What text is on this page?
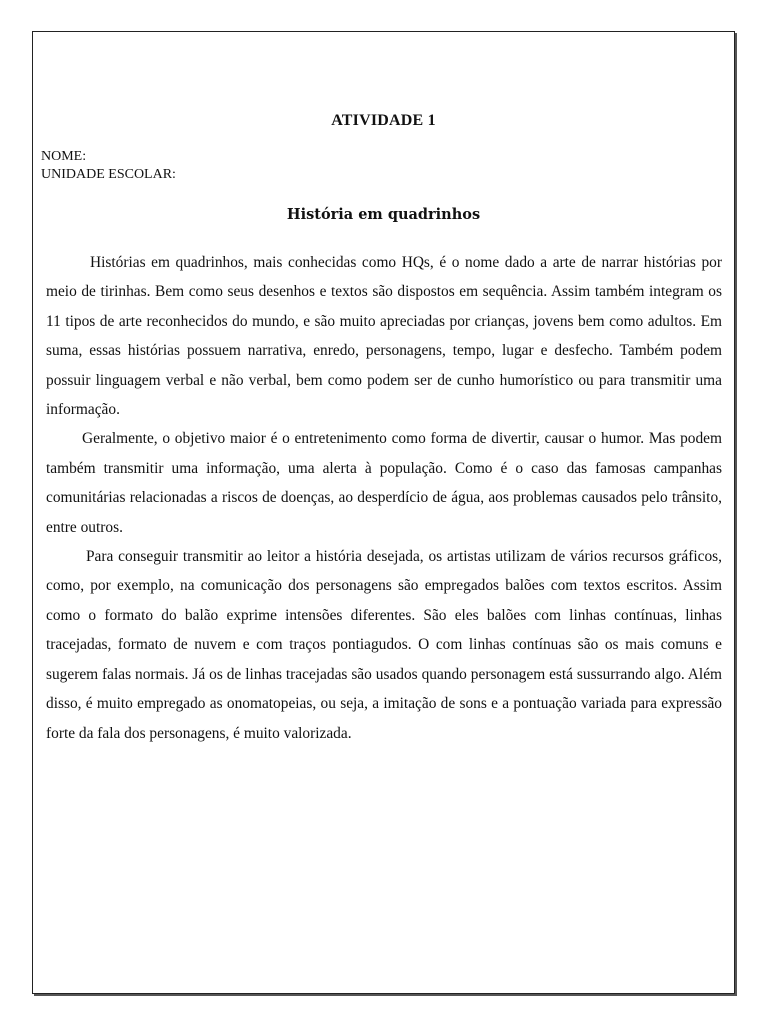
ATIVIDADE 1
NOME:
UNIDADE ESCOLAR:
História em quadrinhos

Histórias em quadrinhos, mais conhecidas como HQs, é o nome dado a arte de narrar histórias por meio de tirinhas. Bem como seus desenhos e textos são dispostos em sequência. Assim também integram os 11 tipos de arte reconhecidos do mundo, e são muito apreciadas por crianças, jovens bem como adultos. Em suma, essas histórias possuem narrativa, enredo, personagens, tempo, lugar e desfecho. Também podem possuir linguagem verbal e não verbal, bem como podem ser de cunho humorístico ou para transmitir uma informação.

Geralmente, o objetivo maior é o entretenimento como forma de divertir, causar o humor. Mas podem também transmitir uma informação, uma alerta à população. Como é o caso das famosas campanhas comunitárias relacionadas a riscos de doenças, ao desperdício de água, aos problemas causados pelo trânsito, entre outros.

Para conseguir transmitir ao leitor a história desejada, os artistas utilizam de vários recursos gráficos, como, por exemplo, na comunicação dos personagens são empregados balões com textos escritos. Assim como o formato do balão exprime intensões diferentes. São eles balões com linhas contínuas, linhas tracejadas, formato de nuvem e com traços pontiagudos. O com linhas contínuas são os mais comuns e sugerem falas normais. Já os de linhas tracejadas são usados quando personagem está sussurrando algo. Além disso, é muito empregado as onomatopeias, ou seja, a imitação de sons e a pontuação variada para expressão forte da fala dos personagens, é muito valorizada.
